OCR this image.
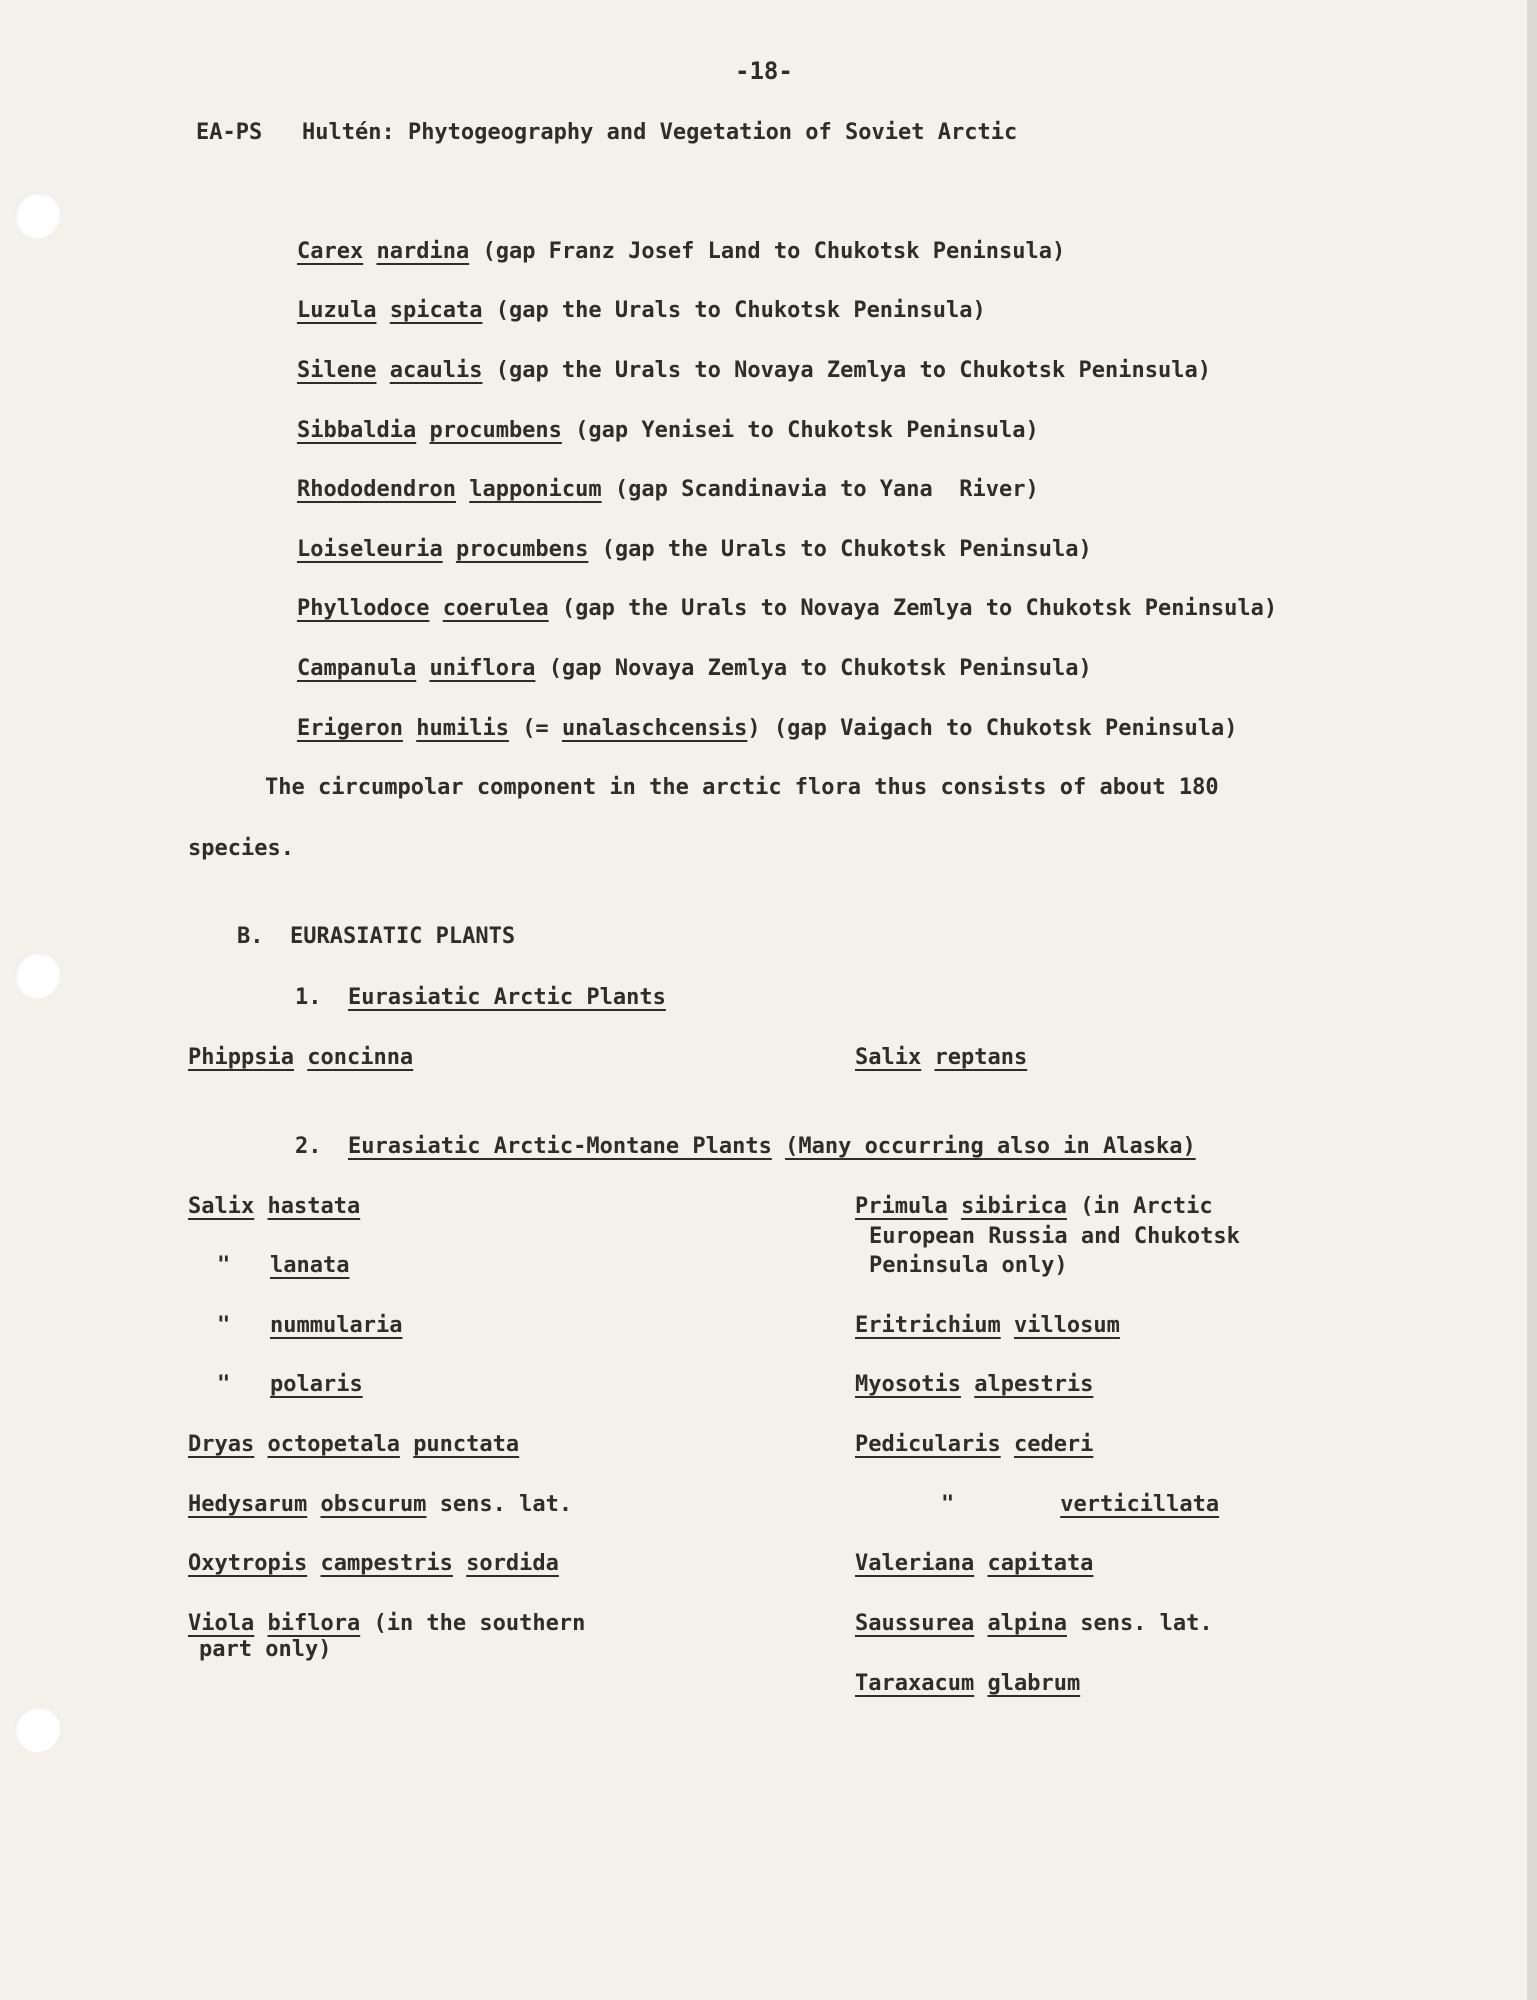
-18-
EA-PS Hultén: Phytogeography and Vegetation of Soviet Arctic
Carex nardina (gap Franz Josef Land to Chukotsk Peninsula)
Luzula spicata (gap the Urals to Chukotsk Peninsula)
Silene acaulis (gap the Urals to Novaya Zemlya to Chukotsk Peninsula)
Sibbaldia procumbens (gap Yenisei to Chukotsk Peninsula)
Rhododendron lapponicum (gap Scandinavia to Yana  River)
Loiseleuria procumbens (gap the Urals to Chukotsk Peninsula)
Phyllodoce coerulea (gap the Urals to Novaya Zemlya to Chukotsk Peninsula)
Campanula uniflora (gap Novaya Zemlya to Chukotsk Peninsula)
Erigeron humilis (= unalaschcensis) (gap Vaigach to Chukotsk Peninsula)
The circumpolar component in the arctic flora thus consists of about 180
species.
B.  EURASIATIC PLANTS
1. Eurasiatic Arctic Plants
Phippsia concinna	Salix reptans
2. Eurasiatic Arctic-Montane Plants (Many occurring also in Alaska)
Salix hastata
" lanata
" nummularia
" polaris
Dryas octopetala punctata
Hedysarum obscurum sens. lat.
Oxytropis campestris sordida
Viola biflora (in the southern
part only)
Primula sibirica (in Arctic
European Russia and Chukotsk
Peninsula only)
Eritrichium villosum
Myosotis alpestris
Pedicularis cederi
"	verticillata
Valeriana capitata
Saussurea alpina sens. lat.
Taraxacum glabrum
